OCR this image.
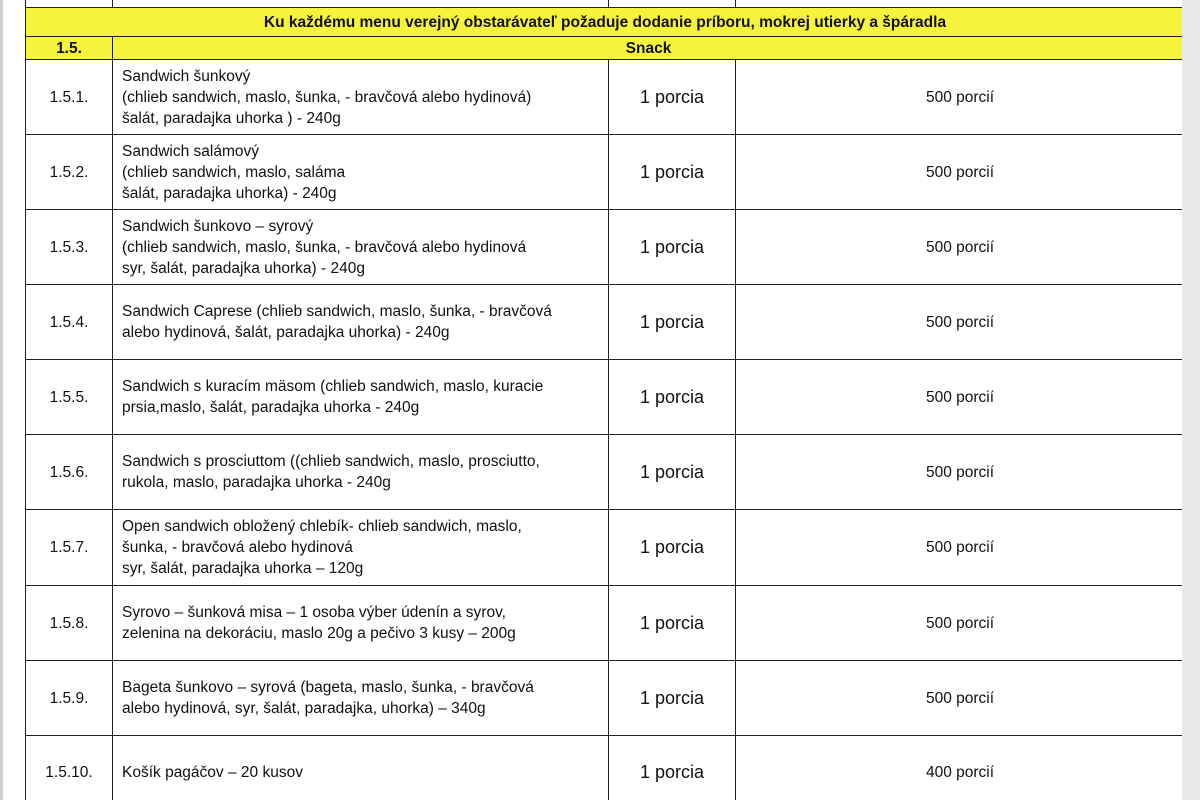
Ku každému menu verejný obstarávateľ požaduje dodanie príboru, mokrej utierky a špáradla			
1.5.	Snack		
1.5.1.	Sandwich šunkový
(chlieb sandwich, maslo, šunka, - bravčová alebo hydinová)
šalát, paradajka uhorka ) - 240g	1 porcia	500 porcií
1.5.2.	Sandwich salámový
(chlieb sandwich, maslo, saláma
šalát, paradajka uhorka) - 240g	1 porcia	500 porcií
1.5.3.	Sandwich šunkovo – syrový
(chlieb sandwich, maslo, šunka, - bravčová alebo hydinová
syr, šalát, paradajka uhorka) - 240g	1 porcia	500 porcií
1.5.4.	Sandwich Caprese (chlieb sandwich, maslo, šunka, - bravčová
alebo hydinová, šalát, paradajka uhorka) - 240g	1 porcia	500 porcií
1.5.5.	Sandwich s kuracím mäsom (chlieb sandwich, maslo, kuracie
prsia,maslo, šalát, paradajka uhorka - 240g	1 porcia	500 porcií
1.5.6.	Sandwich s prosciuttom ((chlieb sandwich, maslo, prosciutto,
rukola, maslo, paradajka uhorka - 240g	1 porcia	500 porcií
1.5.7.	Open sandwich obložený chlebík- chlieb sandwich, maslo,
šunka, - bravčová alebo hydinová
syr, šalát, paradajka uhorka – 120g	1 porcia	500 porcií
1.5.8.	Syrovo – šunková misa – 1 osoba výber údenín a syrov,
zelenina na dekoráciu, maslo 20g a pečivo 3 kusy – 200g	1 porcia	500 porcií
1.5.9.	Bageta šunkovo – syrová (bageta, maslo, šunka, - bravčová
alebo hydinová, syr, šalát, paradajka, uhorka) – 340g	1 porcia	500 porcií
1.5.10.	Košík pagáčov – 20 kusov	1 porcia	400 porcií
